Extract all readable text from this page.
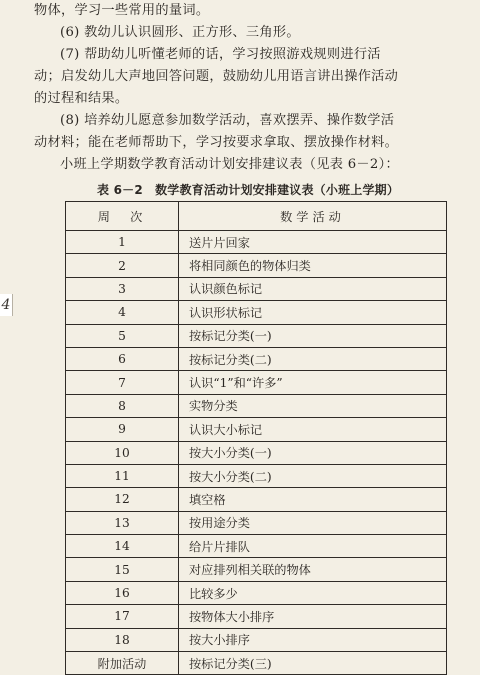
物体，学习一些常用的量词。
(6) 教幼儿认识圆形、正方形、三角形。
(7) 帮助幼儿听懂老师的话，学习按照游戏规则进行活
动；启发幼儿大声地回答问题，鼓励幼儿用语言讲出操作活动
的过程和结果。
(8) 培养幼儿愿意参加数学活动，喜欢摆弄、操作数学活
动材料；能在老师帮助下，学习按要求拿取、摆放操作材料。
小班上学期数学教育活动计划安排建议表（见表 6－2）：
4
表 6－2　数学教育活动计划安排建议表（小班上学期）
周　次	数学活动
1	送片片回家
2	将相同颜色的物体归类
3	认识颜色标记
4	认识形状标记
5	按标记分类(一)
6	按标记分类(二)
7	认识“1”和“许多”
8	实物分类
9	认识大小标记
10	按大小分类(一)
11	按大小分类(二)
12	填空格
13	按用途分类
14	给片片排队
15	对应排列相关联的物体
16	比较多少
17	按物体大小排序
18	按大小排序
附加活动	按标记分类(三)
